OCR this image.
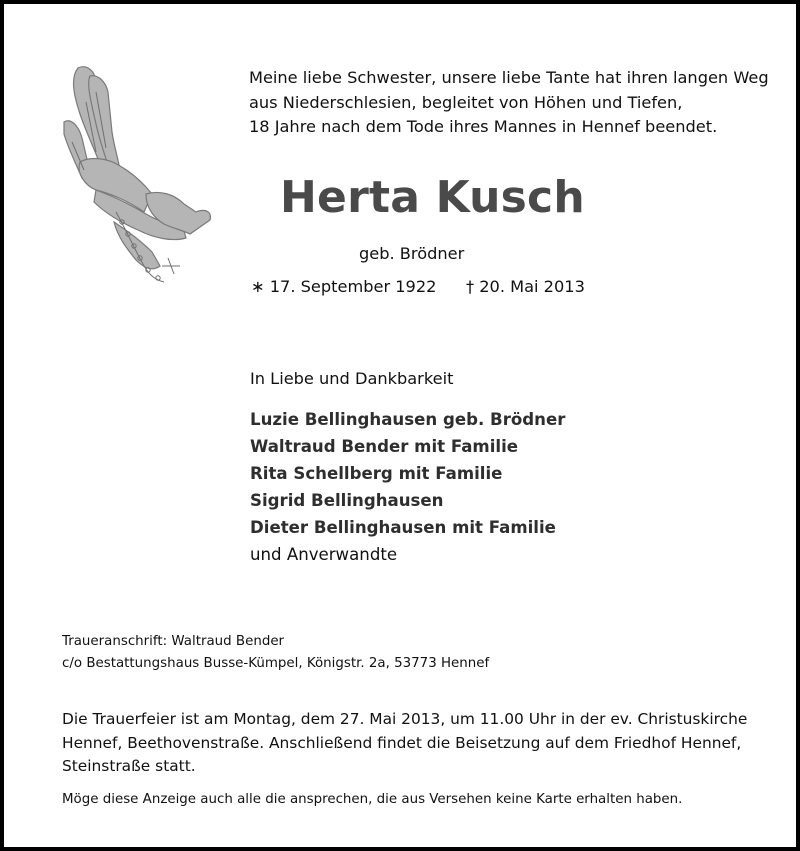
Meine liebe Schwester, unsere liebe Tante hat ihren langen Weg
aus Niederschlesien, begleitet von Höhen und Tiefen,
18 Jahre nach dem Tode ihres Mannes in Hennef beendet.
Herta Kusch
geb. Brödner
∗ 17. September 1922 † 20. Mai 2013
In Liebe und Dankbarkeit
Luzie Bellinghausen geb. Brödner
Waltraud Bender mit Familie
Rita Schellberg mit Familie
Sigrid Bellinghausen
Dieter Bellinghausen mit Familie
und Anverwandte
Traueranschrift: Waltraud Bender
c/o Bestattungshaus Busse-Kümpel, Königstr. 2a, 53773 Hennef
Die Trauerfeier ist am Montag, dem 27. Mai 2013, um 11.00 Uhr in der ev. Christuskirche
Hennef, Beethovenstraße. Anschließend findet die Beisetzung auf dem Friedhof Hennef,
Steinstraße statt.
Möge diese Anzeige auch alle die ansprechen, die aus Versehen keine Karte erhalten haben.
